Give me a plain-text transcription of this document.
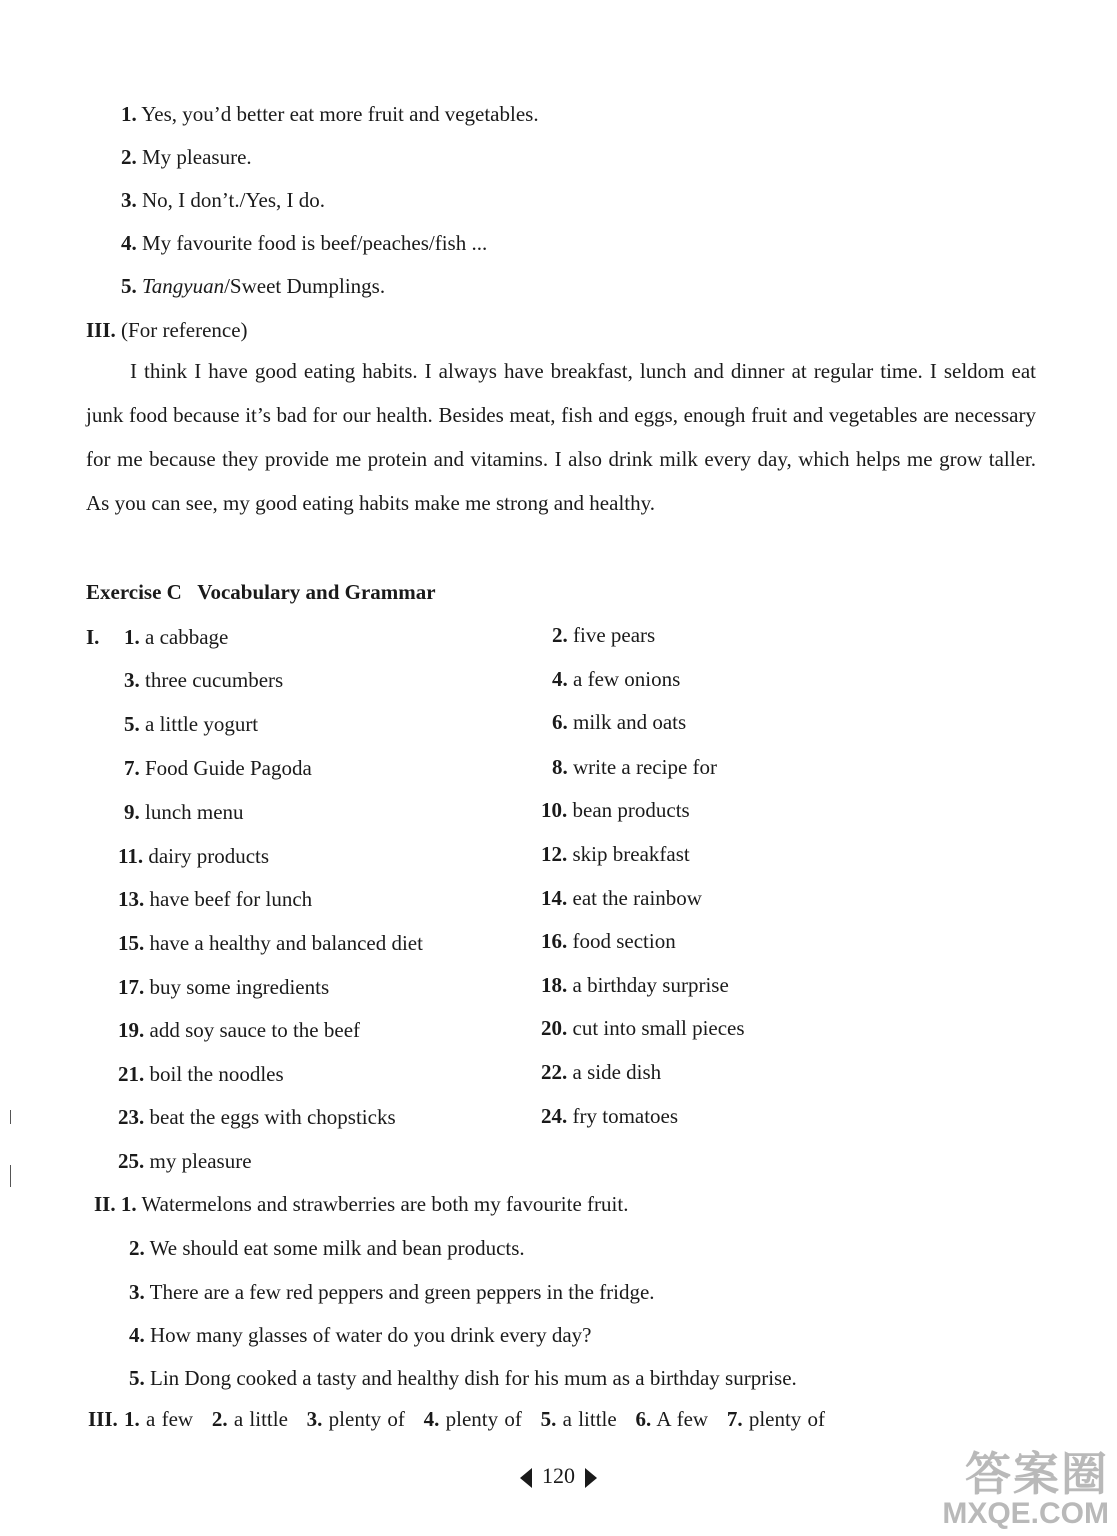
1. Yes, you’d better eat more fruit and vegetables.
2. My pleasure.
3. No, I don’t./Yes, I do.
4. My favourite food is beef/peaches/fish ...
5. Tangyuan/Sweet Dumplings.
III. (For reference)
I think I have good eating habits. I always have breakfast, lunch and dinner at regular time. I seldom eat junk food because it’s bad for our health. Besides meat, fish and eggs, enough fruit and vegetables are necessary for me because they provide me protein and vitamins. I also drink milk every day, which helps me grow taller. As you can see, my good eating habits make me strong and healthy.
Exercise C   Vocabulary and Grammar
I. 1. a cabbage	2. five pears
3. three cucumbers	4. a few onions
5. a little yogurt	6. milk and oats
7. Food Guide Pagoda	8. write a recipe for
9. lunch menu	10. bean products
11. dairy products	12. skip breakfast
13. have beef for lunch	14. eat the rainbow
15. have a healthy and balanced diet	16. food section
17. buy some ingredients	18. a birthday surprise
19. add soy sauce to the beef	20. cut into small pieces
21. boil the noodles	22. a side dish
23. beat the eggs with chopsticks	24. fry tomatoes
25. my pleasure
II. 1. Watermelons and strawberries are both my favourite fruit.
2. We should eat some milk and bean products.
3. There are a few red peppers and green peppers in the fridge.
4. How many glasses of water do you drink every day?
5. Lin Dong cooked a tasty and healthy dish for his mum as a birthday surprise.
III. 1. a few 2. a little 3. plenty of 4. plenty of 5. a little 6. A few 7. plenty of
120	答案圈
MXQE.COM
